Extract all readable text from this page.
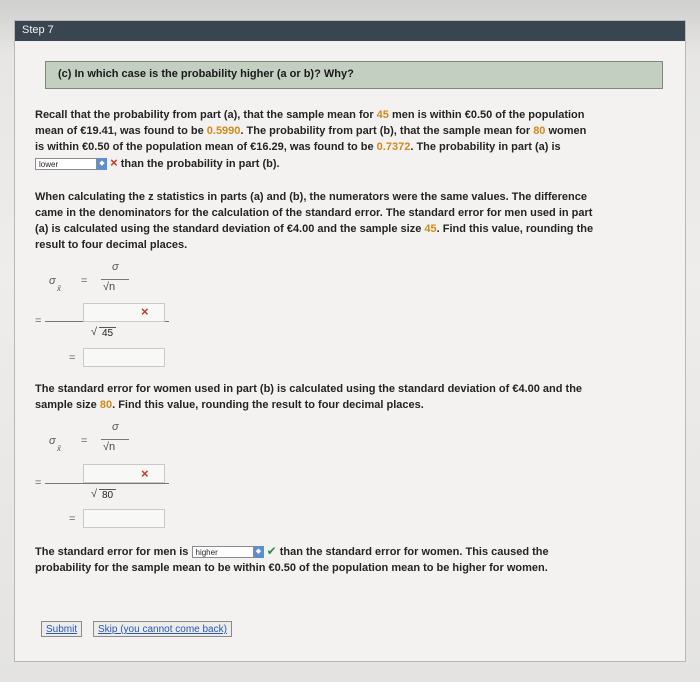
Step 7
(c) In which case is the probability higher (a or b)? Why?
Recall that the probability from part (a), that the sample mean for 45 men is within €0.50 of the population
mean of €19.41, was found to be 0.5990. The probability from part (b), that the sample mean for 80 women
is within €0.50 of the population mean of €16.29, was found to be 0.7372. The probability in part (a) is
lower	◆ × than the probability in part (b).
When calculating the z statistics in parts (a) and (b), the numerators were the same values. The difference
came in the denominators for the calculation of the standard error. The standard error for men used in part
(a) is calculated using the standard deviation of €4.00 and the sample size 45. Find this value, rounding the
result to four decimal places.
σ
σ
x̄
= √n
=
×
√ 45
=
The standard error for women used in part (b) is calculated using the standard deviation of €4.00 and the
sample size 80. Find this value, rounding the result to four decimal places.
σ
σ
x̄
= √n
=
×
√ 80
=
The standard error for men is higher	◆ ✔ than the standard error for women. This caused the
probability for the sample mean to be within €0.50 of the population mean to be higher for women.
Submit	Skip (you cannot come back)
